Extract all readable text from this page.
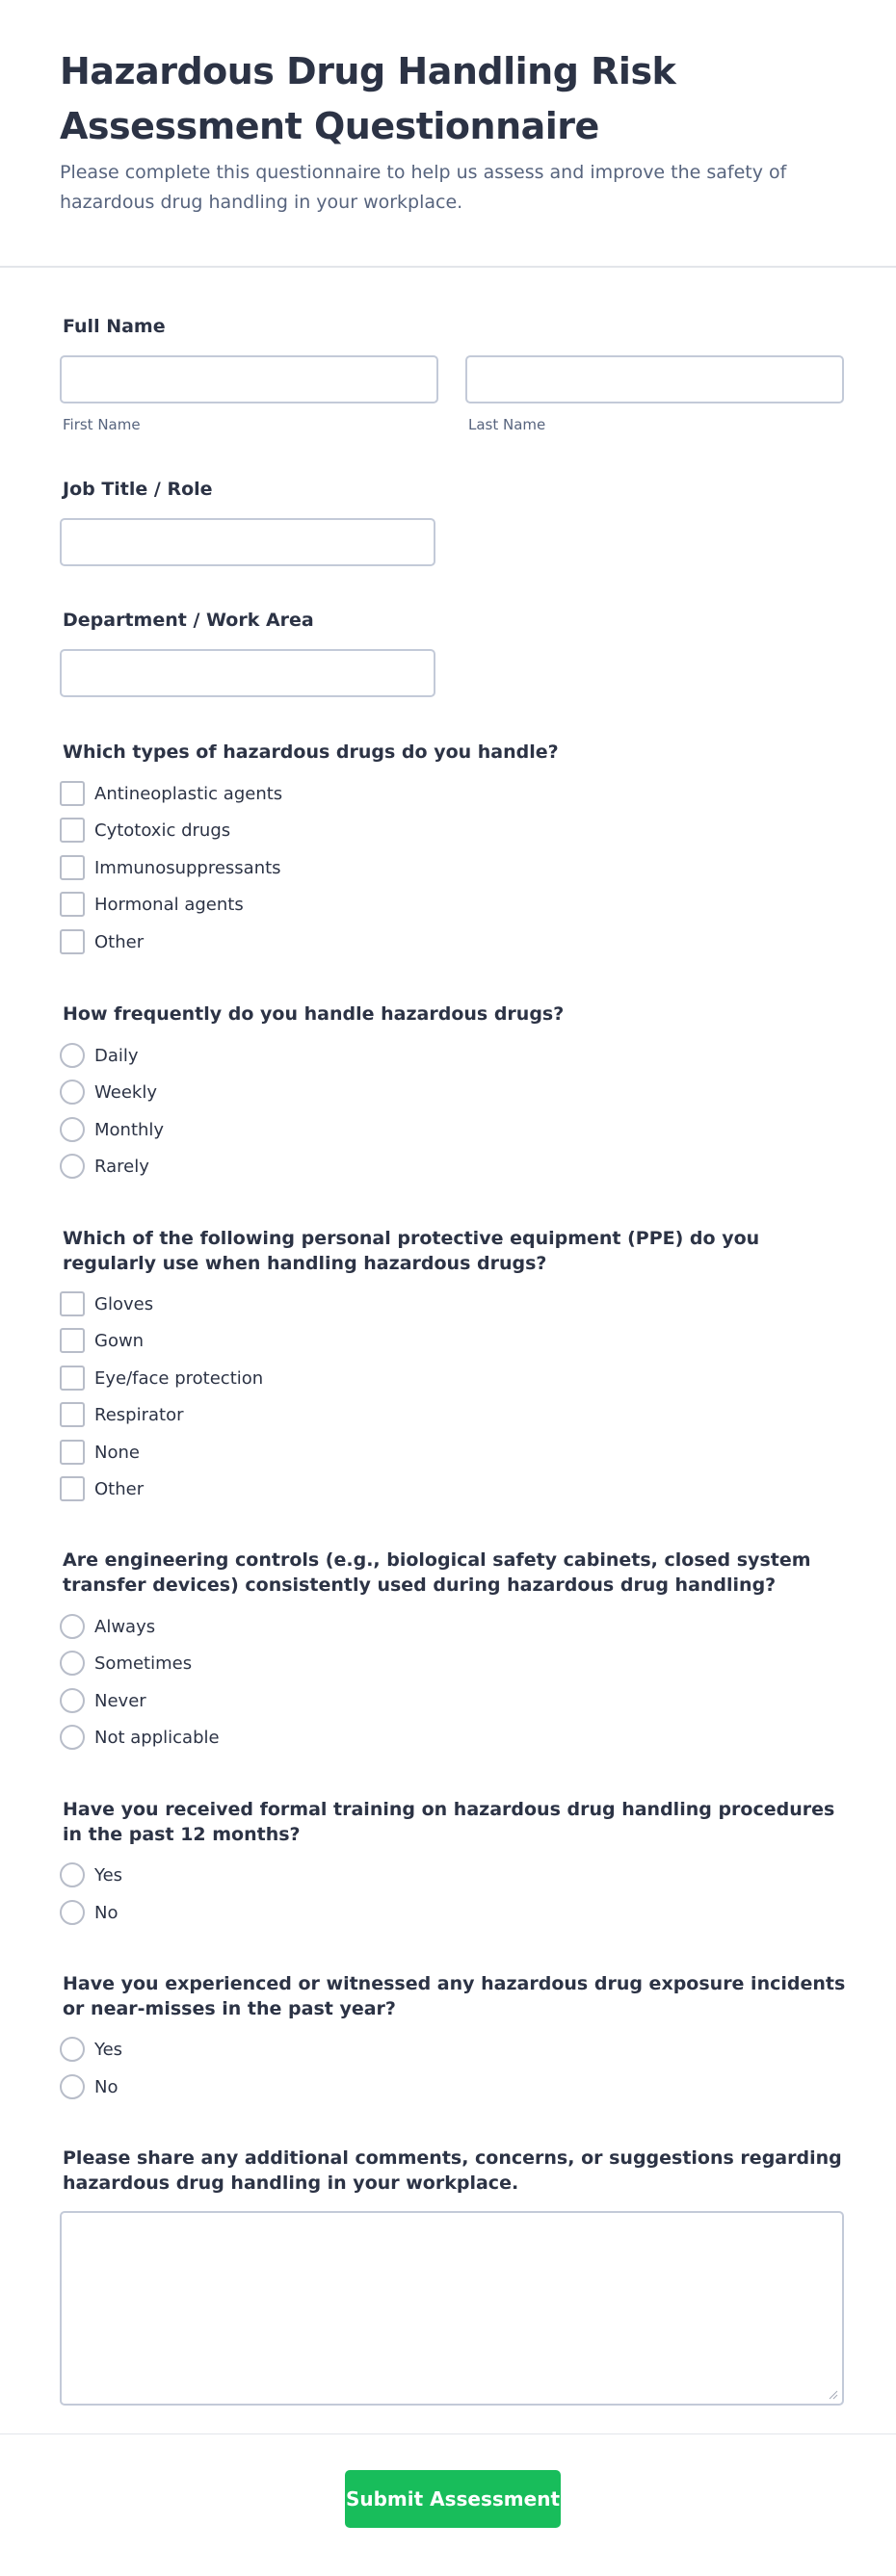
Hazardous Drug Handling Risk Assessment Questionnaire
Please complete this questionnaire to help us assess and improve the safety of hazardous drug handling in your workplace.
Full Name
First Name	Last Name
Job Title / Role
Department / Work Area
Which types of hazardous drugs do you handle?
Antineoplastic agents
Cytotoxic drugs
Immunosuppressants
Hormonal agents
Other
How frequently do you handle hazardous drugs?
Daily
Weekly
Monthly
Rarely
Which of the following personal protective equipment (PPE) do you regularly use when handling hazardous drugs?
Gloves
Gown
Eye/face protection
Respirator
None
Other
Are engineering controls (e.g., biological safety cabinets, closed system transfer devices) consistently used during hazardous drug handling?
Always
Sometimes
Never
Not applicable
Have you received formal training on hazardous drug handling procedures in the past 12 months?
Yes
No
Have you experienced or witnessed any hazardous drug exposure incidents or near-misses in the past year?
Yes
No
Please share any additional comments, concerns, or suggestions regarding hazardous drug handling in your workplace.
Submit Assessment
